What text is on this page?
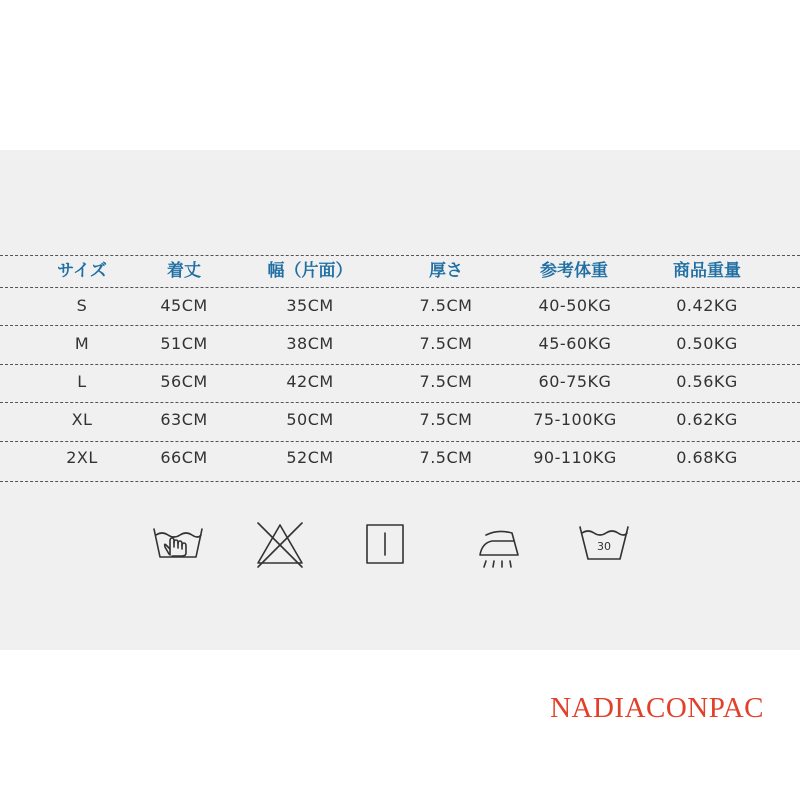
サイズ	着丈	幅（片面）	厚さ	参考体重	商品重量
S	45CM	35CM	7.5CM	40-50KG	0.42KG
M	51CM	38CM	7.5CM	45-60KG	0.50KG
L	56CM	42CM	7.5CM	60-75KG	0.56KG
XL	63CM	50CM	7.5CM	75-100KG	0.62KG
2XL	66CM	52CM	7.5CM	90-110KG	0.68KG
30
NADIACONPAC
